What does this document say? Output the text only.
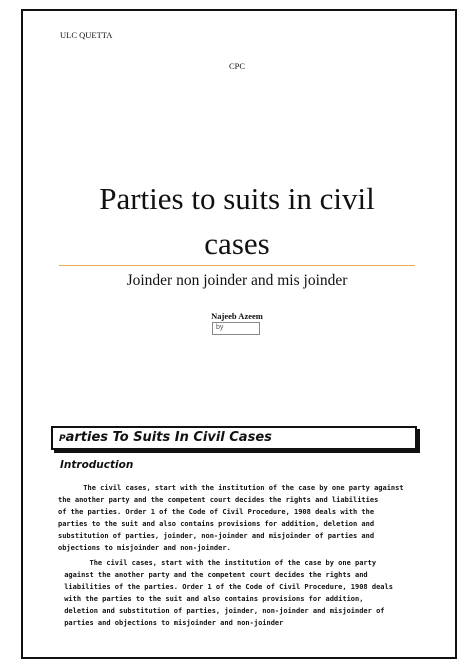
ULC QUETTA
CPC
Parties to suits in civil
cases
Joinder non joinder and mis joinder
Najeeb Azeem
by
Parties To Suits In Civil Cases
Introduction
The civil cases, start with the institution of the case by one party against
the another party and the competent court decides the rights and liabilities
of the parties. Order 1 of the Code of Civil Procedure, 1908 deals with the
parties to the suit and also contains provisions for addition, deletion and
substitution of parties, joinder, non-joinder and misjoinder of parties and
objections to misjoinder and non-joinder.
The civil cases, start with the institution of the case by one party
against the another party and the competent court decides the rights and
liabilities of the parties. Order 1 of the Code of Civil Procedure, 1908 deals
with the parties to the suit and also contains provisions for addition,
deletion and substitution of parties, joinder, non-joinder and misjoinder of
parties and objections to misjoinder and non-joinder
